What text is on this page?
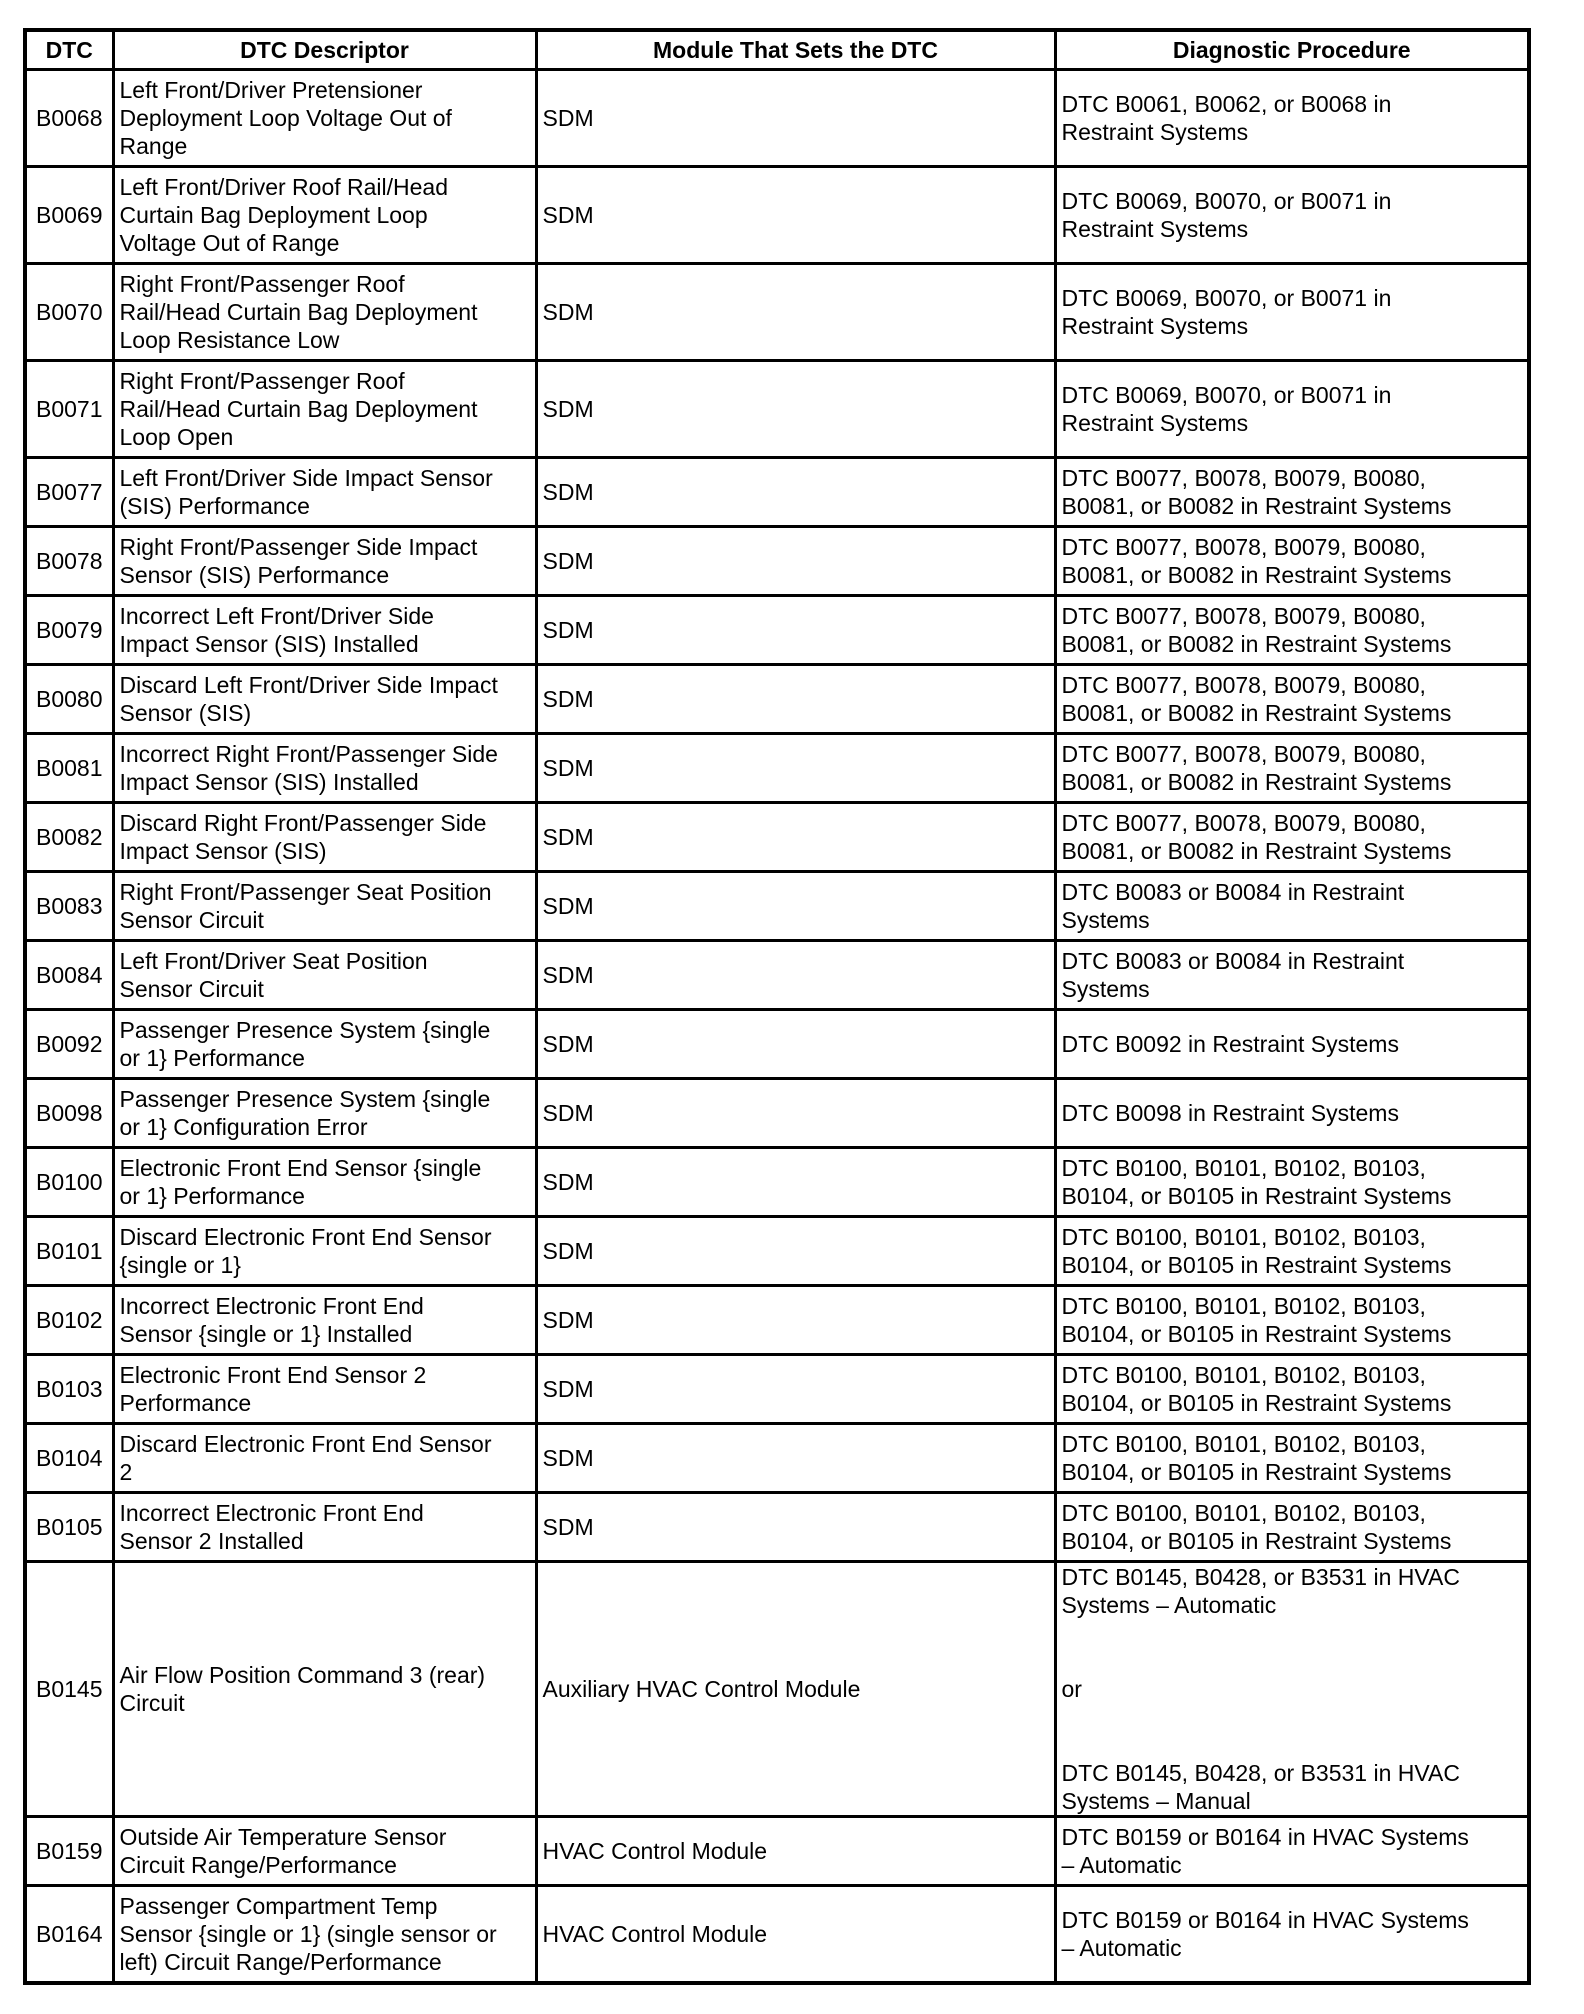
DTC	DTC Descriptor	Module That Sets the DTC	Diagnostic Procedure
B0068	Left Front/Driver Pretensioner
Deployment Loop Voltage Out of
Range	SDM	DTC B0061, B0062, or B0068 in
Restraint Systems
B0069	Left Front/Driver Roof Rail/Head
Curtain Bag Deployment Loop
Voltage Out of Range	SDM	DTC B0069, B0070, or B0071 in
Restraint Systems
B0070	Right Front/Passenger Roof
Rail/Head Curtain Bag Deployment
Loop Resistance Low	SDM	DTC B0069, B0070, or B0071 in
Restraint Systems
B0071	Right Front/Passenger Roof
Rail/Head Curtain Bag Deployment
Loop Open	SDM	DTC B0069, B0070, or B0071 in
Restraint Systems
B0077	Left Front/Driver Side Impact Sensor
(SIS) Performance	SDM	DTC B0077, B0078, B0079, B0080,
B0081, or B0082 in Restraint Systems
B0078	Right Front/Passenger Side Impact
Sensor (SIS) Performance	SDM	DTC B0077, B0078, B0079, B0080,
B0081, or B0082 in Restraint Systems
B0079	Incorrect Left Front/Driver Side
Impact Sensor (SIS) Installed	SDM	DTC B0077, B0078, B0079, B0080,
B0081, or B0082 in Restraint Systems
B0080	Discard Left Front/Driver Side Impact
Sensor (SIS)	SDM	DTC B0077, B0078, B0079, B0080,
B0081, or B0082 in Restraint Systems
B0081	Incorrect Right Front/Passenger Side
Impact Sensor (SIS) Installed	SDM	DTC B0077, B0078, B0079, B0080,
B0081, or B0082 in Restraint Systems
B0082	Discard Right Front/Passenger Side
Impact Sensor (SIS)	SDM	DTC B0077, B0078, B0079, B0080,
B0081, or B0082 in Restraint Systems
B0083	Right Front/Passenger Seat Position
Sensor Circuit	SDM	DTC B0083 or B0084 in Restraint
Systems
B0084	Left Front/Driver Seat Position
Sensor Circuit	SDM	DTC B0083 or B0084 in Restraint
Systems
B0092	Passenger Presence System {single
or 1} Performance	SDM	DTC B0092 in Restraint Systems
B0098	Passenger Presence System {single
or 1} Configuration Error	SDM	DTC B0098 in Restraint Systems
B0100	Electronic Front End Sensor {single
or 1} Performance	SDM	DTC B0100, B0101, B0102, B0103,
B0104, or B0105 in Restraint Systems
B0101	Discard Electronic Front End Sensor
{single or 1}	SDM	DTC B0100, B0101, B0102, B0103,
B0104, or B0105 in Restraint Systems
B0102	Incorrect Electronic Front End
Sensor {single or 1} Installed	SDM	DTC B0100, B0101, B0102, B0103,
B0104, or B0105 in Restraint Systems
B0103	Electronic Front End Sensor 2
Performance	SDM	DTC B0100, B0101, B0102, B0103,
B0104, or B0105 in Restraint Systems
B0104	Discard Electronic Front End Sensor
2	SDM	DTC B0100, B0101, B0102, B0103,
B0104, or B0105 in Restraint Systems
B0105	Incorrect Electronic Front End
Sensor 2 Installed	SDM	DTC B0100, B0101, B0102, B0103,
B0104, or B0105 in Restraint Systems
B0145	Air Flow Position Command 3 (rear)
Circuit	Auxiliary HVAC Control Module	DTC B0145, B0428, or B3531 in HVAC
Systems – Automatic

or

DTC B0145, B0428, or B3531 in HVAC
Systems – Manual
B0159	Outside Air Temperature Sensor
Circuit Range/Performance	HVAC Control Module	DTC B0159 or B0164 in HVAC Systems
– Automatic
B0164	Passenger Compartment Temp
Sensor {single or 1} (single sensor or
left) Circuit Range/Performance	HVAC Control Module	DTC B0159 or B0164 in HVAC Systems
– Automatic
